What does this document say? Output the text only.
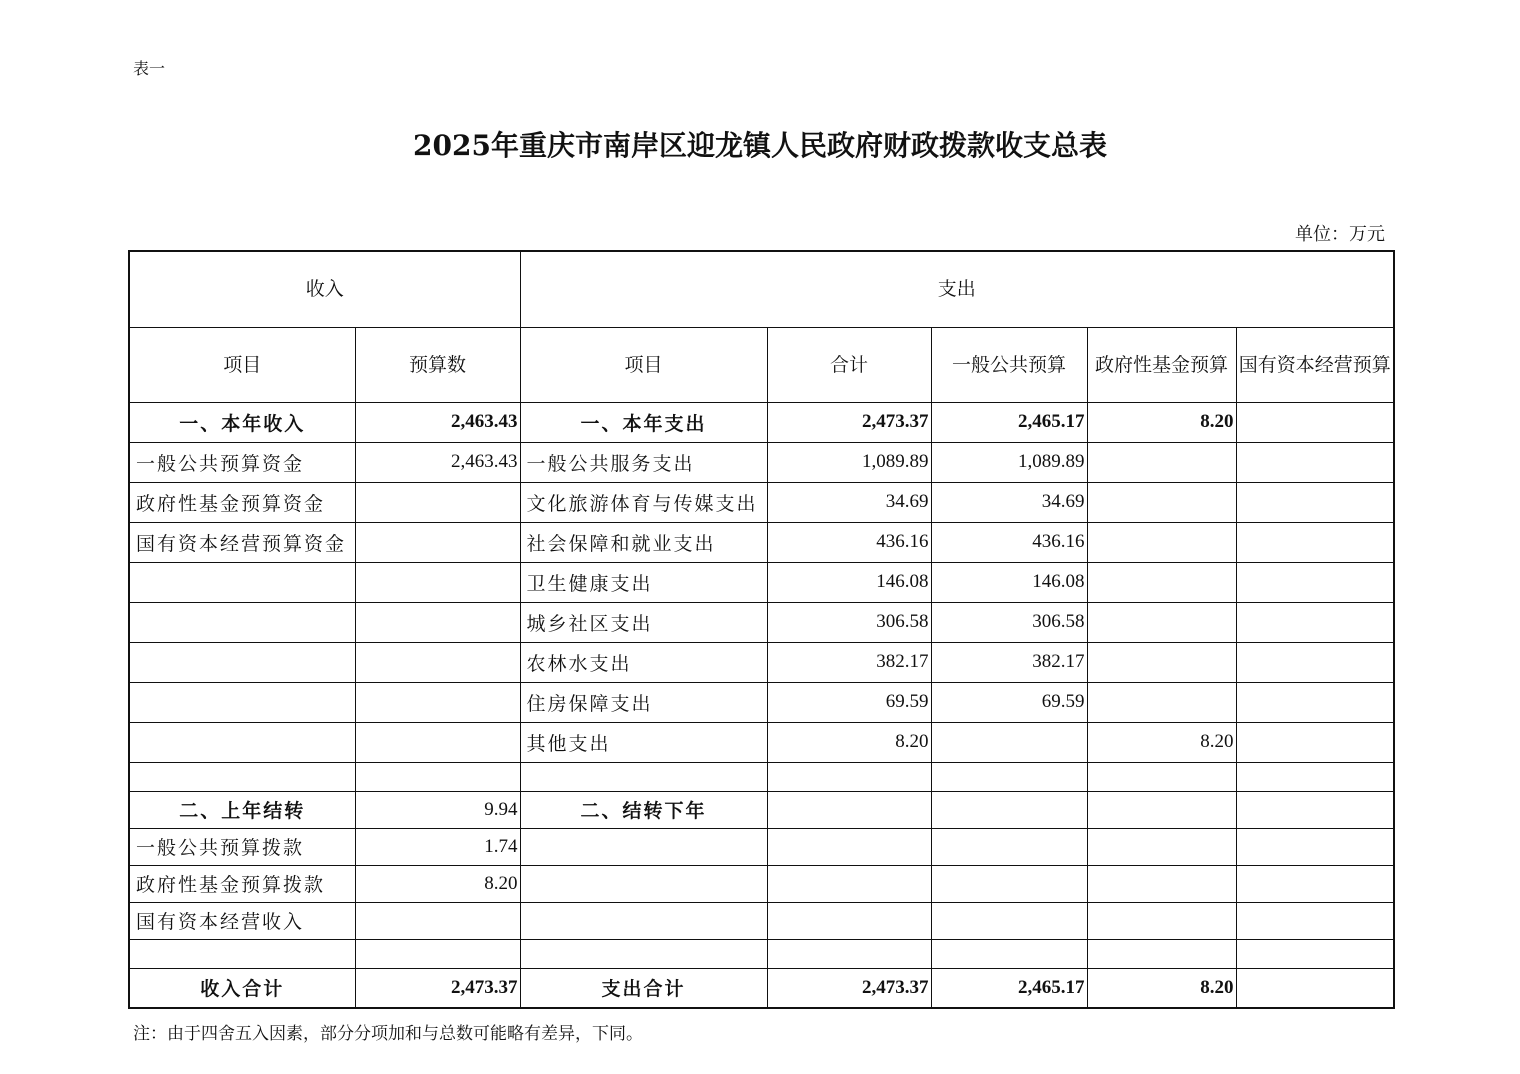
表一
2025年重庆市南岸区迎龙镇人民政府财政拨款收支总表
单位：万元
收入		支出				
项目	预算数	项目	合计	一般公共预算	政府性基金预算	国有资本经营预算
一、本年收入	2,463.43	一、本年支出	2,473.37	2,465.17	8.20	
一般公共预算资金	2,463.43	一般公共服务支出	1,089.89	1,089.89		
政府性基金预算资金		文化旅游体育与传媒支出	34.69	34.69		
国有资本经营预算资金		社会保障和就业支出	436.16	436.16		
		卫生健康支出	146.08	146.08		
		城乡社区支出	306.58	306.58		
		农林水支出	382.17	382.17		
		住房保障支出	69.59	69.59		
		其他支出	8.20		8.20	

二、上年结转	9.94	二、结转下年				
一般公共预算拨款	1.74					
政府性基金预算拨款	8.20					
国有资本经营收入						

收入合计	2,473.37	支出合计	2,473.37	2,465.17	8.20	
注：由于四舍五入因素，部分分项加和与总数可能略有差异，下同。
